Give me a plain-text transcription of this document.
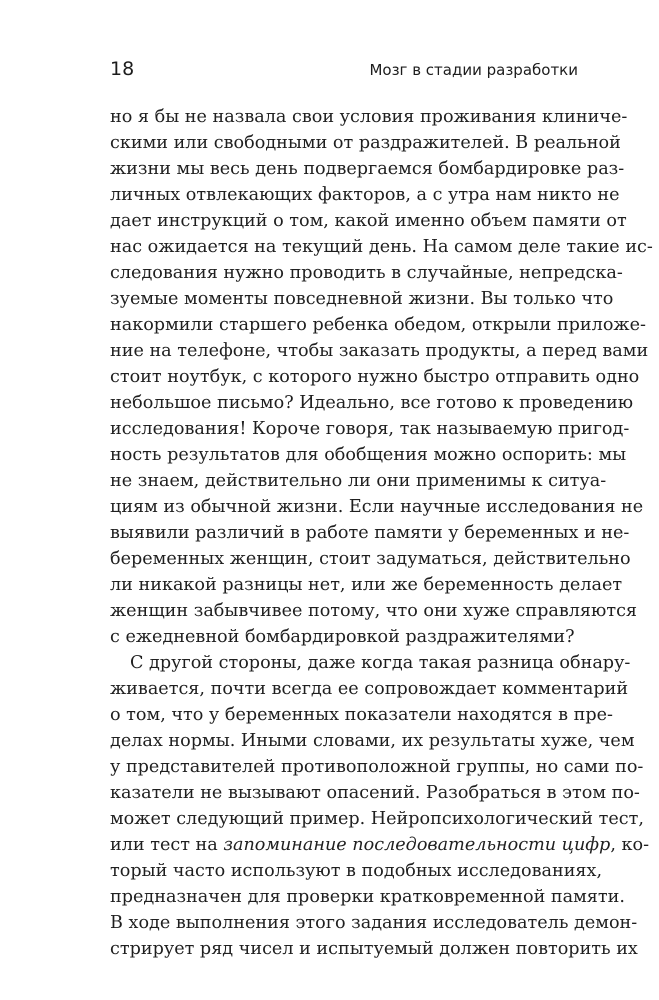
18	Мозг в стадии разработки
но я бы не назвала свои условия проживания клиниче-
скими или свободными от раздражителей. В реальной
жизни мы весь день подвергаемся бомбардировке раз-
личных отвлекающих факторов, а с утра нам никто не
дает инструкций о том, какой именно объем памяти от
нас ожидается на текущий день. На самом деле такие ис-
следования нужно проводить в случайные, непредска-
зуемые моменты повседневной жизни. Вы только что
накормили старшего ребенка обедом, открыли приложе-
ние на телефоне, чтобы заказать продукты, а перед вами
стоит ноутбук, с которого нужно быстро отправить одно
небольшое письмо? Идеально, все готово к проведению
исследования! Короче говоря, так называемую пригод-
ность результатов для обобщения можно оспорить: мы
не знаем, действительно ли они применимы к ситуа-
циям из обычной жизни. Если научные исследования не
выявили различий в работе памяти у беременных и не-
беременных женщин, стоит задуматься, действительно
ли никакой разницы нет, или же беременность делает
женщин забывчивее потому, что они хуже справляются
с ежедневной бомбардировкой раздражителями?
С другой стороны, даже когда такая разница обнару-
живается, почти всегда ее сопровождает комментарий
о том, что у беременных показатели находятся в пре-
делах нормы. Иными словами, их результаты хуже, чем
у представителей противоположной группы, но сами по-
казатели не вызывают опасений. Разобраться в этом по-
может следующий пример. Нейропсихологический тест,
или тест на запоминание последовательности цифр, ко-
торый часто используют в подобных исследованиях,
предназначен для проверки кратковременной памяти.
В ходе выполнения этого задания исследователь демон-
стрирует ряд чисел и испытуемый должен повторить их
